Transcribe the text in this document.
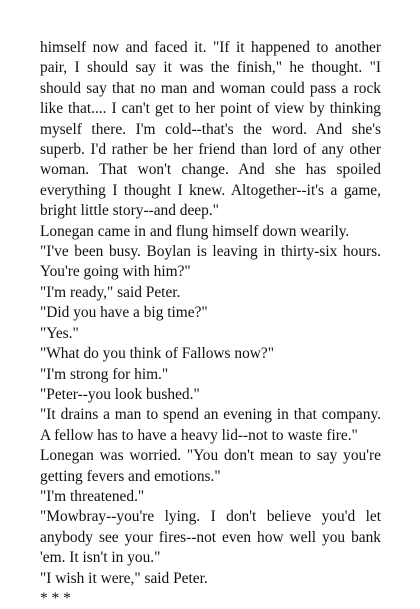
himself now and faced it. "If it happened to another pair, I should say it was the finish," he thought. "I should say that no man and woman could pass a rock like that.... I can't get to her point of view by thinking myself there. I'm cold--that's the word. And she's superb. I'd rather be her friend than lord of any other woman. That won't change. And she has spoiled everything I thought I knew. Altogether--it's a game, bright little story--and deep."

Lonegan came in and flung himself down wearily.

"I've been busy. Boylan is leaving in thirty-six hours. You're going with him?"

"I'm ready," said Peter.

"Did you have a big time?"

"Yes."

"What do you think of Fallows now?"

"I'm strong for him."

"Peter--you look bushed."

"It drains a man to spend an evening in that company. A fellow has to have a heavy lid--not to waste fire."

Lonegan was worried. "You don't mean to say you're getting fevers and emotions."

"I'm threatened."

"Mowbray--you're lying. I don't believe you'd let anybody see your fires--not even how well you bank 'em. It isn't in you."

"I wish it were," said Peter.

* * *
